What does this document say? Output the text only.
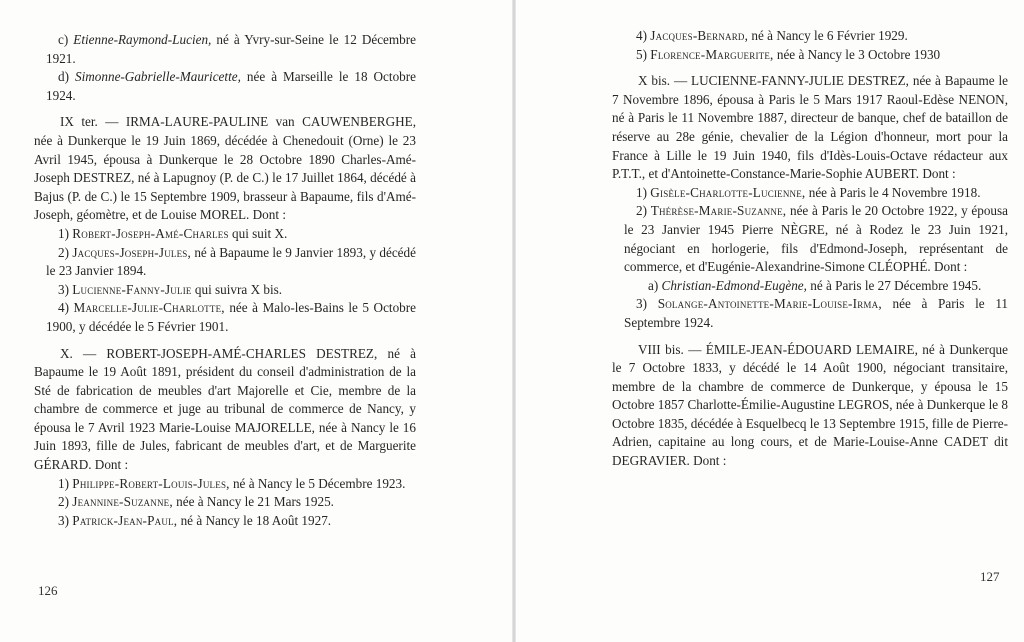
c) Etienne-Raymond-Lucien, né à Yvry-sur-Seine le 12 Décembre 1921.

d) Simonne-Gabrielle-Mauricette, née à Marseille le 18 Octobre 1924.

IX ter. — IRMA-LAURE-PAULINE van CAUWENBERGHE, née à Dunkerque le 19 Juin 1869, décédée à Chenedouit (Orne) le 23 Avril 1945, épousa à Dunkerque le 28 Octobre 1890 Charles-Amé-Joseph DESTREZ, né à Lapugnoy (P. de C.) le 17 Juillet 1864, décédé à Bajus (P. de C.) le 15 Septembre 1909, brasseur à Bapaume, fils d'Amé-Joseph, géomètre, et de Louise MOREL. Dont :

1) Robert-Joseph-Amé-Charles qui suit X.

2) Jacques-Joseph-Jules, né à Bapaume le 9 Janvier 1893, y décédé le 23 Janvier 1894.

3) Lucienne-Fanny-Julie qui suivra X bis.

4) Marcelle-Julie-Charlotte, née à Malo-les-Bains le 5 Octobre 1900, y décédée le 5 Février 1901.

X. — ROBERT-JOSEPH-AMÉ-CHARLES DESTREZ, né à Bapaume le 19 Août 1891, président du conseil d'administration de la Sté de fabrication de meubles d'art Majorelle et Cie, membre de la chambre de commerce et juge au tribunal de commerce de Nancy, y épousa le 7 Avril 1923 Marie-Louise MAJORELLE, née à Nancy le 16 Juin 1893, fille de Jules, fabricant de meubles d'art, et de Marguerite GÉRARD. Dont :

1) Philippe-Robert-Louis-Jules, né à Nancy le 5 Décembre 1923.

2) Jeannine-Suzanne, née à Nancy le 21 Mars 1925.

3) Patrick-Jean-Paul, né à Nancy le 18 Août 1927.

126

4) Jacques-Bernard, né à Nancy le 6 Février 1929.

5) Florence-Marguerite, née à Nancy le 3 Octobre 1930

X bis. — LUCIENNE-FANNY-JULIE DESTREZ, née à Bapaume le 7 Novembre 1896, épousa à Paris le 5 Mars 1917 Raoul-Edèse NENON, né à Paris le 11 Novembre 1887, directeur de banque, chef de bataillon de réserve au 28e génie, chevalier de la Légion d'honneur, mort pour la France à Lille le 19 Juin 1940, fils d'Idès-Louis-Octave rédacteur aux P.T.T., et d'Antoinette-Constance-Marie-Sophie AUBERT. Dont :

1) Gisèle-Charlotte-Lucienne, née à Paris le 4 Novembre 1918.

2) Thérèse-Marie-Suzanne, née à Paris le 20 Octobre 1922, y épousa le 23 Janvier 1945 Pierre NÈGRE, né à Rodez le 23 Juin 1921, négociant en horlogerie, fils d'Edmond-Joseph, représentant de commerce, et d'Eugénie-Alexandrine-Simone CLÉOPHÉ. Dont :

a) Christian-Edmond-Eugène, né à Paris le 27 Décembre 1945.

3) Solange-Antoinette-Marie-Louise-Irma, née à Paris le 11 Septembre 1924.

VIII bis. — ÉMILE-JEAN-ÉDOUARD LEMAIRE, né à Dunkerque le 7 Octobre 1833, y décédé le 14 Août 1900, négociant transitaire, membre de la chambre de commerce de Dunkerque, y épousa le 15 Octobre 1857 Charlotte-Émilie-Augustine LEGROS, née à Dunkerque le 8 Octobre 1835, décédée à Esquelbecq le 13 Septembre 1915, fille de Pierre-Adrien, capitaine au long cours, et de Marie-Louise-Anne CADET dit DEGRAVIER. Dont :

127
